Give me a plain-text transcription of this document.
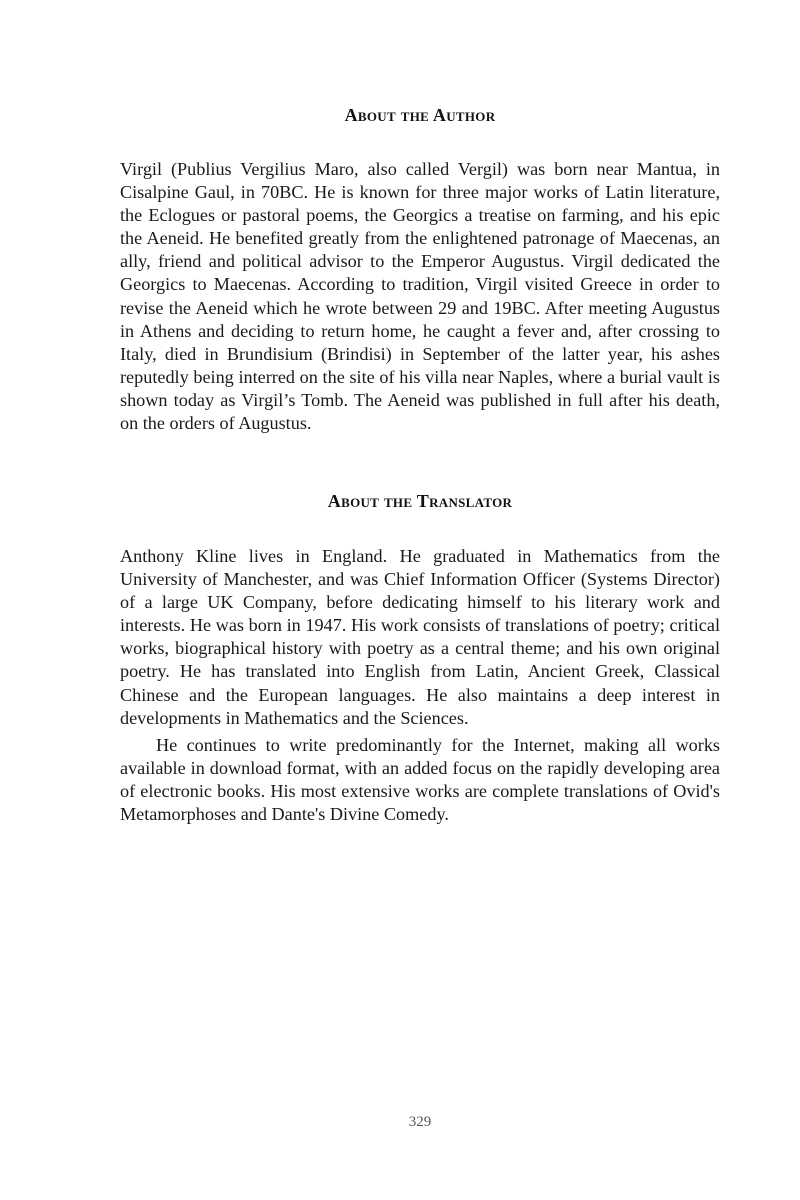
About the Author

Virgil (Publius Vergilius Maro, also called Vergil) was born near Mantua, in Cisalpine Gaul, in 70BC. He is known for three major works of Latin literature, the Eclogues or pastoral poems, the Georgics a treatise on farming, and his epic the Aeneid. He benefited greatly from the enlightened patronage of Maecenas, an ally, friend and political advisor to the Emperor Augustus. Virgil dedicated the Georgics to Maecenas. According to tradition, Virgil visited Greece in order to revise the Aeneid which he wrote between 29 and 19BC. After meeting Augustus in Athens and deciding to return home, he caught a fever and, after crossing to Italy, died in Brundisium (Brindisi) in September of the latter year, his ashes reputedly being interred on the site of his villa near Naples, where a burial vault is shown today as Virgil’s Tomb. The Aeneid was published in full after his death, on the orders of Augustus.

About the Translator

Anthony Kline lives in England. He graduated in Mathematics from the University of Manchester, and was Chief Information Officer (Systems Director) of a large UK Company, before dedicating himself to his literary work and interests. He was born in 1947. His work consists of translations of poetry; critical works, biographical history with poetry as a central theme; and his own original poetry. He has translated into English from Latin, Ancient Greek, Classical Chinese and the European languages. He also maintains a deep interest in developments in Mathematics and the Sciences.

He continues to write predominantly for the Internet, making all works available in download format, with an added focus on the rapidly developing area of electronic books. His most extensive works are complete translations of Ovid's Metamorphoses and Dante's Divine Comedy.

329
